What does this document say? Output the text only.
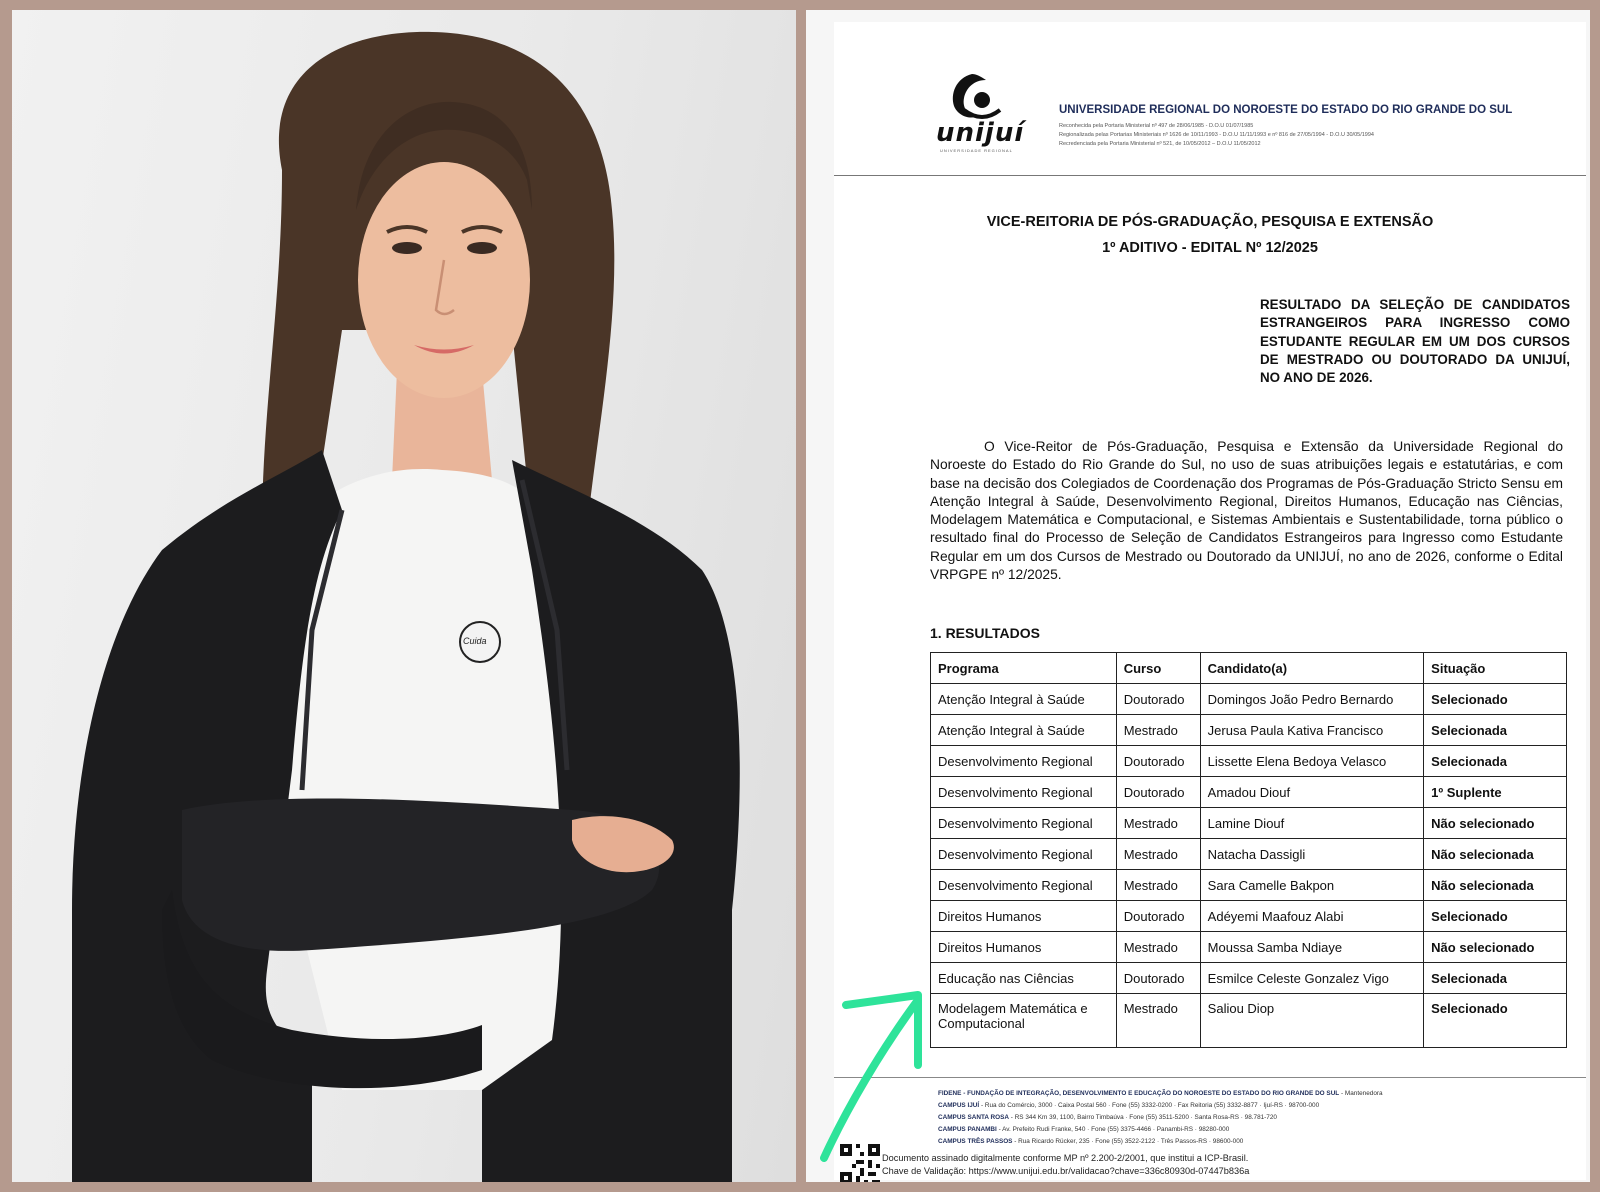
Cuida
unijuí
UNIVERSIDADE REGIONAL
UNIVERSIDADE REGIONAL DO NOROESTE DO ESTADO DO RIO GRANDE DO SUL
Reconhecida pela Portaria Ministerial nº 497 de 28/06/1985 - D.O.U 01/07/1985
Regionalizada pelas Portarias Ministeriais nº 1626 de 10/11/1993 - D.O.U 11/11/1993 e nº 816 de 27/05/1994 - D.O.U 30/05/1994
Recredenciada pela Portaria Ministerial nº 521, de 10/05/2012 – D.O.U 11/05/2012
VICE-REITORIA DE PÓS-GRADUAÇÃO, PESQUISA E EXTENSÃO
1º ADITIVO - EDITAL Nº 12/2025
RESULTADO DA SELEÇÃO DE CANDIDATOS ESTRANGEIROS PARA INGRESSO COMO ESTUDANTE REGULAR EM UM DOS CURSOS DE MESTRADO OU DOUTORADO DA UNIJUÍ, NO ANO DE 2026.
O Vice-Reitor de Pós-Graduação, Pesquisa e Extensão da Universidade Regional do Noroeste do Estado do Rio Grande do Sul, no uso de suas atribuições legais e estatutárias, e com base na decisão dos Colegiados de Coordenação dos Programas de Pós-Graduação Stricto Sensu em Atenção Integral à Saúde, Desenvolvimento Regional, Direitos Humanos, Educação nas Ciências, Modelagem Matemática e Computacional, e Sistemas Ambientais e Sustentabilidade, torna público o resultado final do Processo de Seleção de Candidatos Estrangeiros para Ingresso como Estudante Regular em um dos Cursos de Mestrado ou Doutorado da UNIJUÍ, no ano de 2026, conforme o Edital VRPGPE nº 12/2025.
1. RESULTADOS
Programa	Curso	Candidato(a)	Situação
Atenção Integral à Saúde	Doutorado	Domingos João Pedro Bernardo	Selecionado
Atenção Integral à Saúde	Mestrado	Jerusa Paula Kativa Francisco	Selecionada
Desenvolvimento Regional	Doutorado	Lissette Elena Bedoya Velasco	Selecionada
Desenvolvimento Regional	Doutorado	Amadou Diouf	1º Suplente
Desenvolvimento Regional	Mestrado	Lamine Diouf	Não selecionado
Desenvolvimento Regional	Mestrado	Natacha Dassigli	Não selecionada
Desenvolvimento Regional	Mestrado	Sara Camelle Bakpon	Não selecionada
Direitos Humanos	Doutorado	Adéyemi Maafouz Alabi	Selecionado
Direitos Humanos	Mestrado	Moussa Samba Ndiaye	Não selecionado
Educação nas Ciências	Doutorado	Esmilce Celeste Gonzalez Vigo	Selecionada
Modelagem Matemática e Computacional	Mestrado	Saliou Diop	Selecionado
FIDENE - FUNDAÇÃO DE INTEGRAÇÃO, DESENVOLVIMENTO E EDUCAÇÃO DO NOROESTE DO ESTADO DO RIO GRANDE DO SUL - Mantenedora
CAMPUS IJUÍ - Rua do Comércio, 3000 · Caixa Postal 560 · Fone (55) 3332-0200 · Fax Reitoria (55) 3332-8877 · Ijuí-RS · 98700-000
CAMPUS SANTA ROSA - RS 344 Km 39, 1100, Bairro Timbaúva · Fone (55) 3511-5200 · Santa Rosa-RS · 98.781-720
CAMPUS PANAMBI - Av. Prefeito Rudi Franke, 540 · Fone (55) 3375-4466 · Panambi-RS · 98280-000
CAMPUS TRÊS PASSOS - Rua Ricardo Rücker, 235 · Fone (55) 3522-2122 · Três Passos-RS · 98600-000
Documento assinado digitalmente conforme MP nº 2.200-2/2001, que institui a ICP-Brasil.
Chave de Validação: https://www.unijui.edu.br/validacao?chave=336c80930d-07447b836a
